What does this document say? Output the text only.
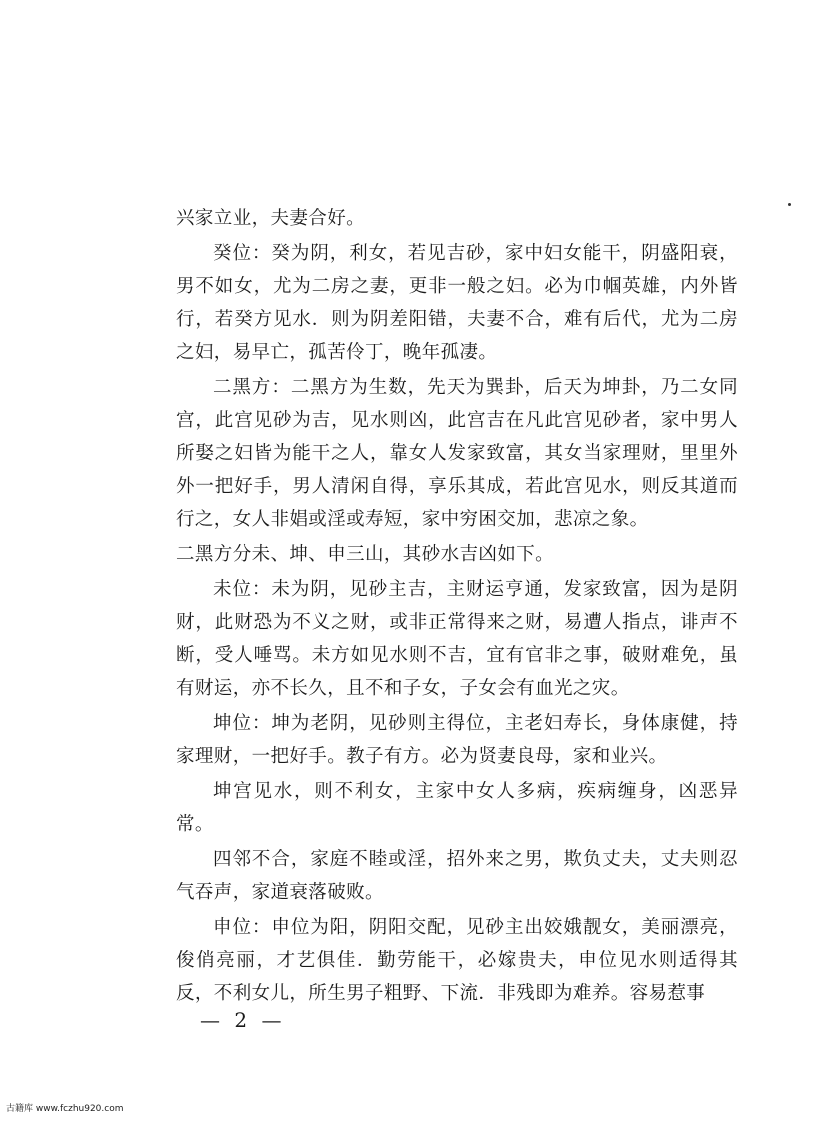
兴家立业，夫妻合好。

癸位：癸为阴，利女，若见吉砂，家中妇女能干，阴盛阳衰，男不如女，尤为二房之妻，更非一般之妇。必为巾帼英雄，内外皆行，若癸方见水．则为阴差阳错，夫妻不合，难有后代，尤为二房之妇，易早亡，孤苦伶丁，晚年孤凄。

二黑方：二黑方为生数，先天为巽卦，后天为坤卦，乃二女同宫，此宫见砂为吉，见水则凶，此宫吉在凡此宫见砂者，家中男人所娶之妇皆为能干之人，靠女人发家致富，其女当家理财，里里外外一把好手，男人清闲自得，享乐其成，若此宫见水，则反其道而行之，女人非娼或淫或寿短，家中穷困交加，悲凉之象。

二黑方分未、坤、申三山，其砂水吉凶如下。

未位：未为阴，见砂主吉，主财运亨通，发家致富，因为是阴财，此财恐为不义之财，或非正常得来之财，易遭人指点，诽声不断，受人唾骂。未方如见水则不吉，宜有官非之事，破财难免，虽有财运，亦不长久，且不和子女，子女会有血光之灾。

坤位：坤为老阴，见砂则主得位，主老妇寿长，身体康健，持家理财，一把好手。教子有方。必为贤妻良母，家和业兴。

坤宫见水，则不利女，主家中女人多病，疾病缠身，凶恶异常。

四邻不合，家庭不睦或淫，招外来之男，欺负丈夫，丈夫则忍气吞声，家道衰落破败。

申位：申位为阳，阴阳交配，见砂主出姣娥靓女，美丽漂亮，俊俏亮丽，才艺俱佳．勤劳能干，必嫁贵夫，申位见水则适得其反，不利女儿，所生男子粗野、下流．非残即为难养。容易惹事

— 2 —
古籍库 www.fczhu920.com
